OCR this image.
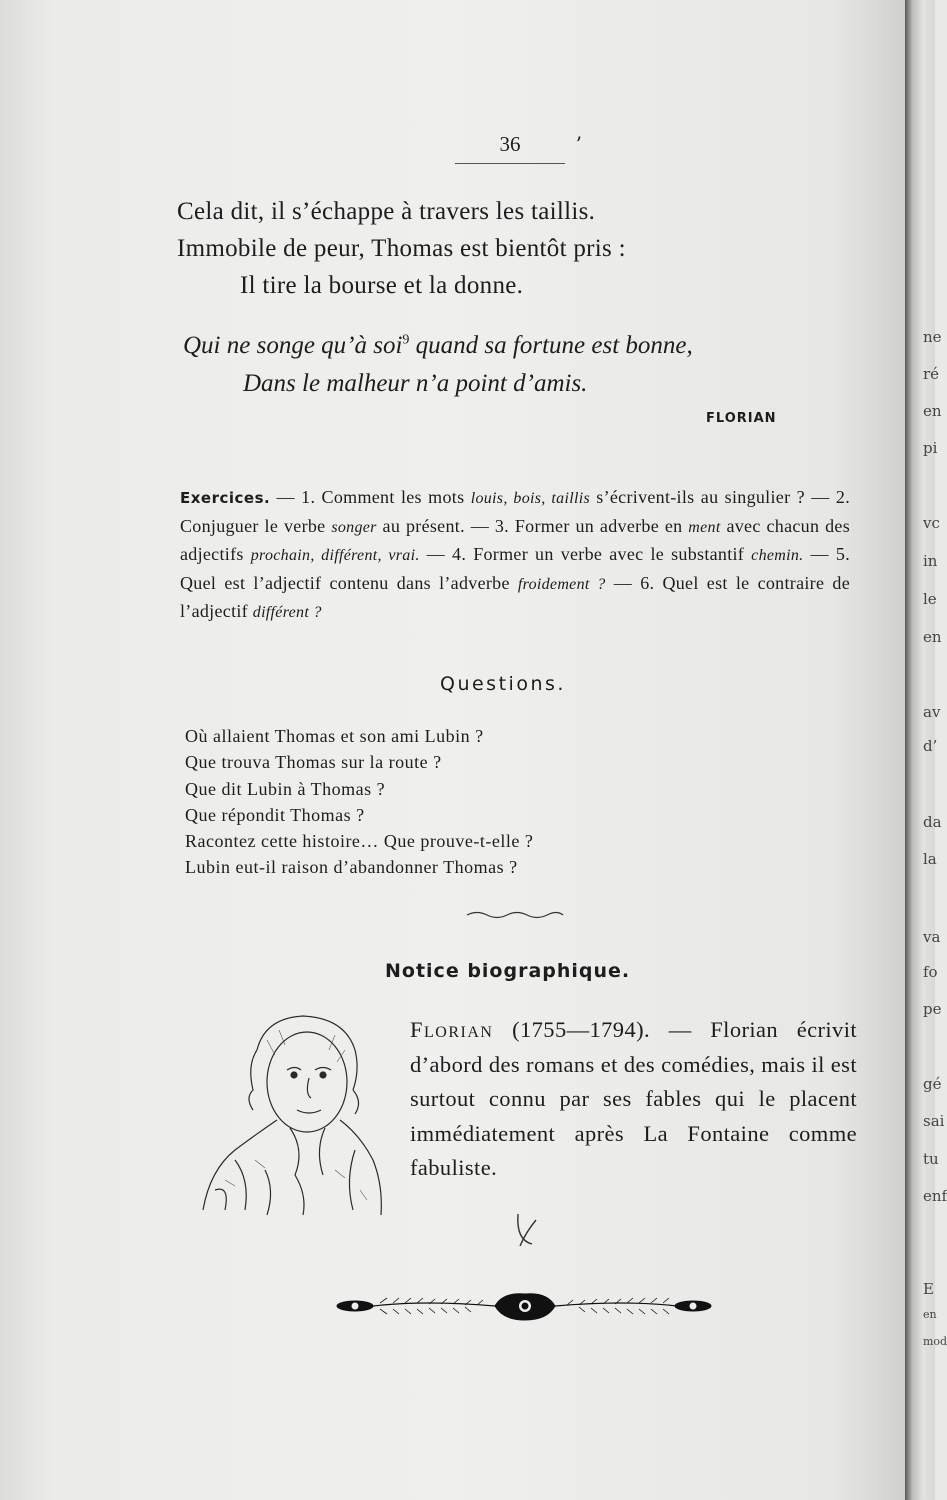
36	ʼ
Cela dit, il s’échappe à travers les taillis.
Immobile de peur, Thomas est bientôt pris :
Il tire la bourse et la donne.
Qui ne songe qu’à soi$^9$ quand sa fortune est bonne,
Dans le malheur n’a point d’amis.
FLORIAN

Exercices. — 1. Comment les mots louis, bois, taillis s’écrivent-ils au singulier ? — 2. Conjuguer le verbe songer au présent. — 3. Former un adverbe en ment avec chacun des adjectifs prochain, différent, vrai. — 4. Former un verbe avec le substantif chemin. — 5. Quel est l’adjectif contenu dans l’adverbe froidement ? — 6. Quel est le contraire de l’adjectif différent ?

Questions.
Où allaient Thomas et son ami Lubin ?
Que trouva Thomas sur la route ?
Que dit Lubin à Thomas ?
Que répondit Thomas ?
Racontez cette histoire… Que prouve-t-elle ?
Lubin eut-il raison d’abandonner Thomas ?
Notice biographique.

Florian (1755—1794). — Florian écrivit d’abord des romans et des comédies, mais il est surtout connu par ses fables qui le placent immédiatement après La Fontaine comme fabuliste.

ne
ré
en
pi
vc
in
le
en
av
d’
da
la
va
fo
pe
gé
sai
tu
enf
E
en
mod
